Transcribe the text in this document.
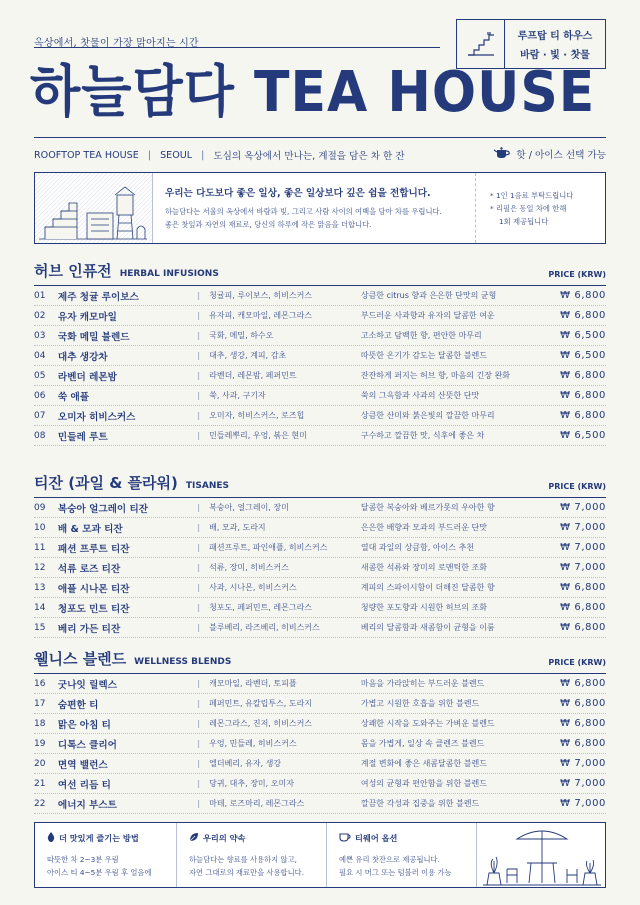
옥상에서, 찻물이 가장 맑아지는 시간
루프탑 티 하우스
바람 · 빛 · 찻물
하늘담다 TEA HOUSE
ROOFTOP TEA HOUSE | SEOUL | 도심의 옥상에서 만나는, 계절을 담은 차 한 잔	핫 / 아이스 선택 가능
우리는 다도보다 좋은 일상, 좋은 일상보다 깊은 쉼을 전합니다.
하늘담다는 서울의 옥상에서 바람과 빛, 그리고 사람 사이의 여백을 담아 차를 우립니다.
좋은 찻잎과 자연의 재료로, 당신의 하루에 작은 맑음을 더합니다.
* 1인 1음료 부탁드립니다
* 리필은 동일 차에 한해
1회 제공됩니다
허브 인퓨전 HERBAL INFUSIONS	PRICE (KRW)
01	제주 청귤 루이보스	| 청귤피, 루이보스, 히비스커스	상큼한 citrus 향과 은은한 단맛의 균형	₩ 6,800
02	유자 캐모마일	| 유자피, 캐모마일, 레몬그라스	부드러운 사과향과 유자의 달콤한 여운	₩ 6,800
03	국화 메밀 블렌드	| 국화, 메밀, 하수오	고소하고 담백한 향, 편안한 마무리	₩ 6,500
04	대추 생강차	| 대추, 생강, 계피, 감초	따뜻한 온기가 감도는 달콤한 블렌드	₩ 6,500
05	라벤더 레몬밤	| 라벤더, 레몬밤, 페퍼민트	잔잔하게 퍼지는 허브 향, 마음의 긴장 완화	₩ 6,800
06	쑥 애플	| 쑥, 사과, 구기자	쑥의 그윽함과 사과의 산뜻한 단맛	₩ 6,800
07	오미자 히비스커스	| 오미자, 히비스커스, 로즈힙	상큼한 산미와 붉은빛의 깔끔한 마무리	₩ 6,800
08	민들레 루트	| 민들레뿌리, 우엉, 볶은 현미	구수하고 깔끔한 맛, 식후에 좋은 차	₩ 6,500
티잔 (과일 & 플라워) TISANES	PRICE (KRW)
09	복숭아 얼그레이 티잔	| 복숭아, 얼그레이, 장미	달콤한 복숭아와 베르가못의 우아한 향	₩ 7,000
10	배 & 모과 티잔	| 배, 모과, 도라지	은은한 배향과 모과의 부드러운 단맛	₩ 7,000
11	패션 프루트 티잔	| 패션프루트, 파인애플, 히비스커스	열대 과일의 상큼함, 아이스 추천	₩ 7,000
12	석류 로즈 티잔	| 석류, 장미, 히비스커스	새콤한 석류와 장미의 로맨틱한 조화	₩ 7,000
13	애플 시나몬 티잔	| 사과, 시나몬, 히비스커스	계피의 스파이시함이 더해진 달콤한 향	₩ 6,800
14	청포도 민트 티잔	| 청포도, 페퍼민트, 레몬그라스	청량한 포도향과 시원한 허브의 조화	₩ 6,800
15	베리 가든 티잔	| 블루베리, 라즈베리, 히비스커스	베리의 달콤함과 새콤함이 균형을 이룸	₩ 6,800
웰니스 블렌드 WELLNESS BLENDS	PRICE (KRW)
16	굿나잇 릴렉스	| 캐모마일, 라벤더, 토피플	마음을 가라앉히는 부드러운 블렌드	₩ 6,800
17	숨편한 티	| 페퍼민트, 유칼립투스, 도라지	가볍고 시원한 호흡을 위한 블렌드	₩ 6,800
18	맑은 아침 티	| 레몬그라스, 진저, 히비스커스	상쾌한 시작을 도와주는 가벼운 블렌드	₩ 6,800
19	디톡스 클리어	| 우엉, 민들레, 히비스커스	몸을 가볍게, 일상 속 클렌즈 블렌드	₩ 6,800
20	면역 밸런스	| 엘더베리, 유자, 생강	계절 변화에 좋은 새콤달콤한 블렌드	₩ 7,000
21	여선 리듬 티	| 당귀, 대추, 장미, 오미자	여성의 균형과 편안함을 위한 블렌드	₩ 7,000
22	에너지 부스트	| 마테, 로즈마리, 레몬그라스	깔끔한 각성과 집중을 위한 블렌드	₩ 7,000
더 맛있게 즐기는 방법
따뜻한 차 2~3분 우림
아이스 티 4~5분 우림 후 얼음에
우리의 약속
하늘담다는 향료를 사용하지 않고,
자연 그대로의 재료만을 사용합니다.
티웨어 옵션
예쁜 유리 찻잔으로 제공됩니다.
필요 시 머그 또는 텀블러 이용 가능
